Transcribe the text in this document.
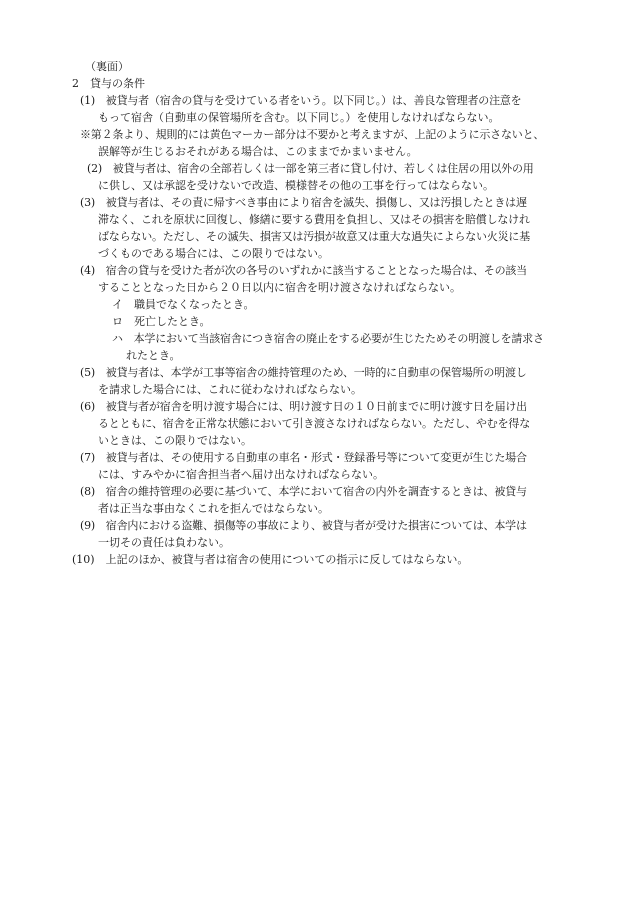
（裏面）
2　貸与の条件
(1)　被貸与者（宿舎の貸与を受けている者をいう。以下同じ。）は、善良な管理者の注意を
もって宿舎（自動車の保管場所を含む。以下同じ。）を使用しなければならない。
※第２条より、規則的には黄色マーカー部分は不要かと考えますが、上記のように示さないと、
誤解等が生じるおそれがある場合は、このままでかまいません。
(2)　被貸与者は、宿舎の全部若しくは一部を第三者に貸し付け、若しくは住居の用以外の用
に供し、又は承認を受けないで改造、模様替その他の工事を行ってはならない。
(3)　被貸与者は、その責に帰すべき事由により宿舎を滅失、損傷し、又は汚損したときは遅
滞なく、これを原状に回復し、修繕に要する費用を負担し、又はその損害を賠償しなけれ
ばならない。ただし、その滅失、損害又は汚損が故意又は重大な過失によらない火災に基
づくものである場合には、この限りではない。
(4)　宿舎の貸与を受けた者が次の各号のいずれかに該当することとなった場合は、その該当
することとなった日から２０日以内に宿舎を明け渡さなければならない。
イ　職員でなくなったとき。
ロ　死亡したとき。
ハ　本学において当該宿舎につき宿舎の廃止をする必要が生じたためその明渡しを請求さ
れたとき。
(5)　被貸与者は、本学が工事等宿舎の維持管理のため、一時的に自動車の保管場所の明渡し
を請求した場合には、これに従わなければならない。
(6)　被貸与者が宿舎を明け渡す場合には、明け渡す日の１０日前までに明け渡す日を届け出
るとともに、宿舎を正常な状態において引き渡さなければならない。ただし、やむを得な
いときは、この限りではない。
(7)　被貸与者は、その使用する自動車の車名・形式・登録番号等について変更が生じた場合
には、すみやかに宿舎担当者へ届け出なければならない。
(8)　宿舎の維持管理の必要に基づいて、本学において宿舎の内外を調査するときは、被貸与
者は正当な事由なくこれを拒んではならない。
(9)　宿舎内における盗難、損傷等の事故により、被貸与者が受けた損害については、本学は
一切その責任は負わない。
(10)　上記のほか、被貸与者は宿舎の使用についての指示に反してはならない。
